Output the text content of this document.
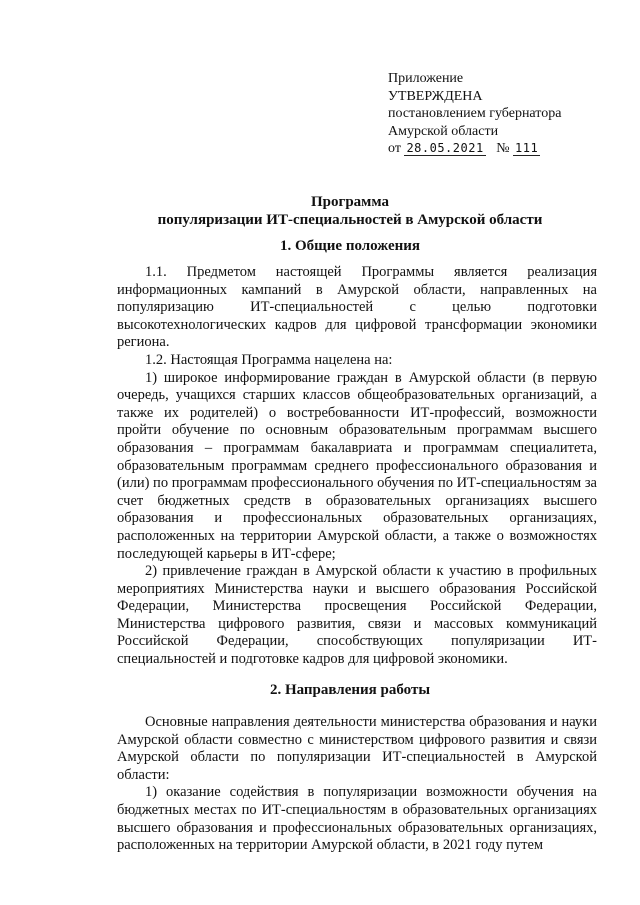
Приложение
УТВЕРЖДЕНА
постановлением губернатора
Амурской области
от 28.05.2021 № 111
Программа
популяризации ИТ-специальностей в Амурской области
1. Общие положения

1.1. Предметом настоящей Программы является реализация информационных кампаний в Амурской области, направленных на популяризацию ИТ-специальностей с целью подготовки высокотехнологических кадров для цифровой трансформации экономики региона.

1.2. Настоящая Программа нацелена на:

1) широкое информирование граждан в Амурской области (в первую очередь, учащихся старших классов общеобразовательных организаций, а также их родителей) о востребованности ИТ-профессий, возможности пройти обучение по основным образовательным программам высшего образования – программам бакалавриата и программам специалитета, образовательным программам среднего профессионального образования и (или) по программам профессионального обучения по ИТ-специальностям за счет бюджетных средств в образовательных организациях высшего образования и профессиональных образовательных организациях, расположенных на территории Амурской области, а также о возможностях последующей карьеры в ИТ-сфере;

2) привлечение граждан в Амурской области к участию в профильных мероприятиях Министерства науки и высшего образования Российской Федерации, Министерства просвещения Российской Федерации, Министерства цифрового развития, связи и массовых коммуникаций Российской Федерации, способствующих популяризации ИТ-специальностей и подготовке кадров для цифровой экономики.

2. Направления работы

Основные направления деятельности министерства образования и науки Амурской области совместно с министерством цифрового развития и связи Амурской области по популяризации ИТ-специальностей в Амурской области:

1) оказание содействия в популяризации возможности обучения на бюджетных местах по ИТ-специальностям в образовательных организациях высшего образования и профессиональных образовательных организациях, расположенных на территории Амурской области, в 2021 году путем
